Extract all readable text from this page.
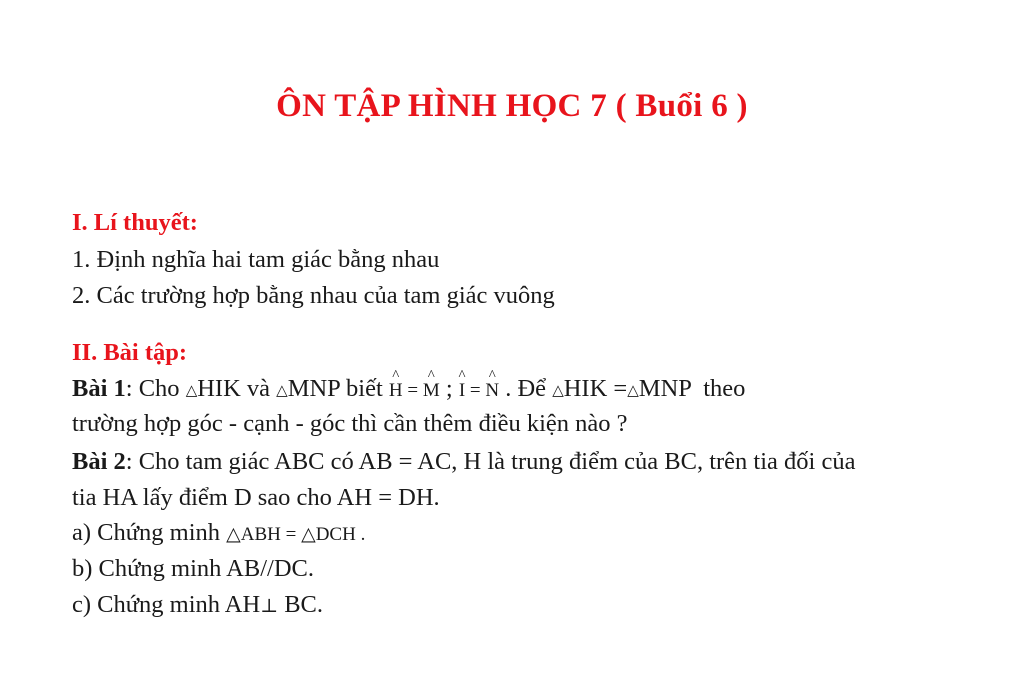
ÔN TẬP HÌNH HỌC 7 ( Buổi 6 )
I. Lí thuyết:
1. Định nghĩa hai tam giác bằng nhau
2. Các trường hợp bằng nhau của tam giác vuông
II. Bài tập:
Bài 1: Cho △HIK và △MNP biết ^ H = ^ M ; ^ I = ^ N . Để △HIK =△MNP  theo
trường hợp góc - cạnh - góc thì cần thêm điều kiện nào ?
Bài 2: Cho tam giác ABC có AB = AC, H là trung điểm của BC, trên tia đối của
tia HA lấy điểm D sao cho AH = DH.
a) Chứng minh △ABH = △DCH .
b) Chứng minh AB//DC.
c) Chứng minh AH⊥ BC.
